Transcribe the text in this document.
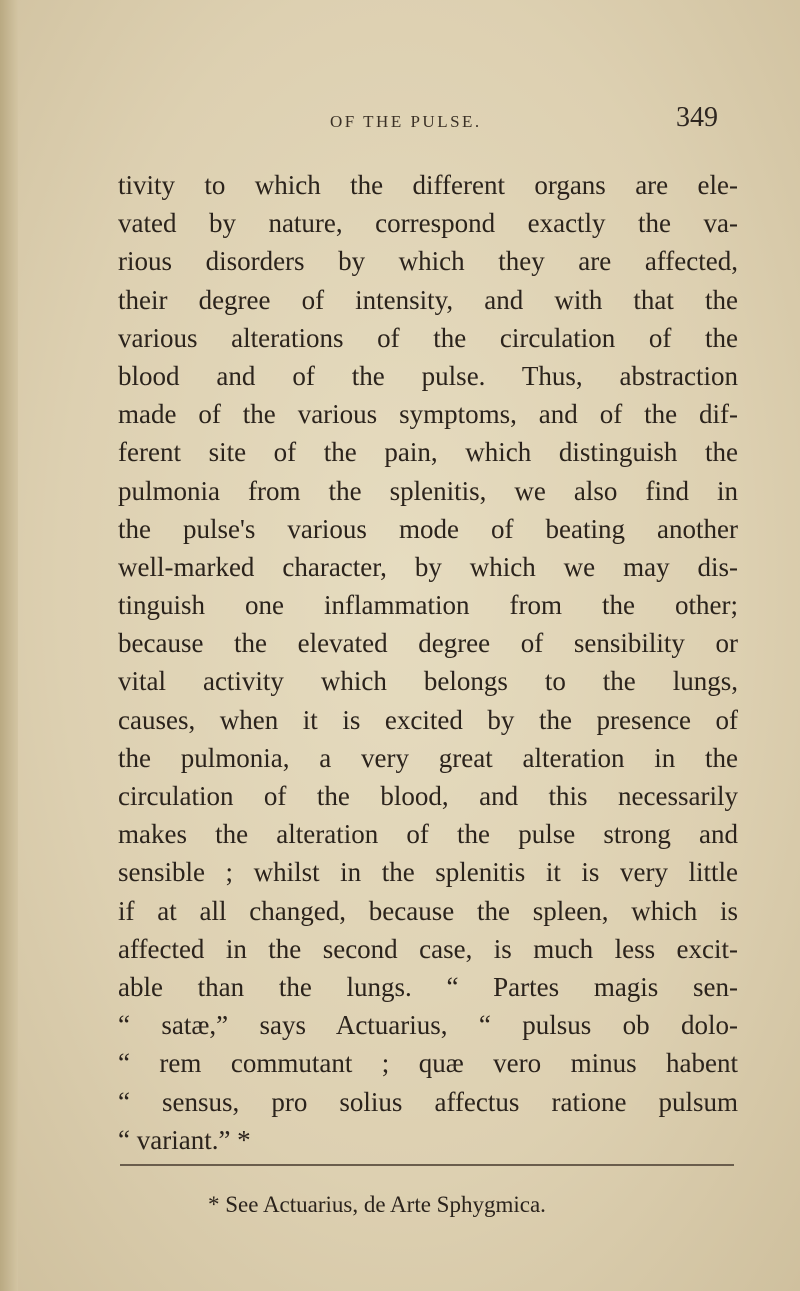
OF THE PULSE.	349
tivity to which the different organs are ele-
vated by nature, correspond exactly the va-
rious disorders by which they are affected,
their degree of intensity, and with that the
various alterations of the circulation of the
blood and of the pulse. Thus, abstraction
made of the various symptoms, and of the dif-
ferent site of the pain, which distinguish the
pulmonia from the splenitis, we also find in
the pulse's various mode of beating another
well-marked character, by which we may dis-
tinguish one inflammation from the other;
because the elevated degree of sensibility or
vital activity which belongs to the lungs,
causes, when it is excited by the presence of
the pulmonia, a very great alteration in the
circulation of the blood, and this necessarily
makes the alteration of the pulse strong and
sensible ; whilst in the splenitis it is very little
if at all changed, because the spleen, which is
affected in the second case, is much less excit-
able than the lungs. “ Partes magis sen-
“ satæ,” says Actuarius, “ pulsus ob dolo-
“ rem commutant ; quæ vero minus habent
“ sensus, pro solius affectus ratione pulsum
“ variant.” *
* See Actuarius, de Arte Sphygmica.
